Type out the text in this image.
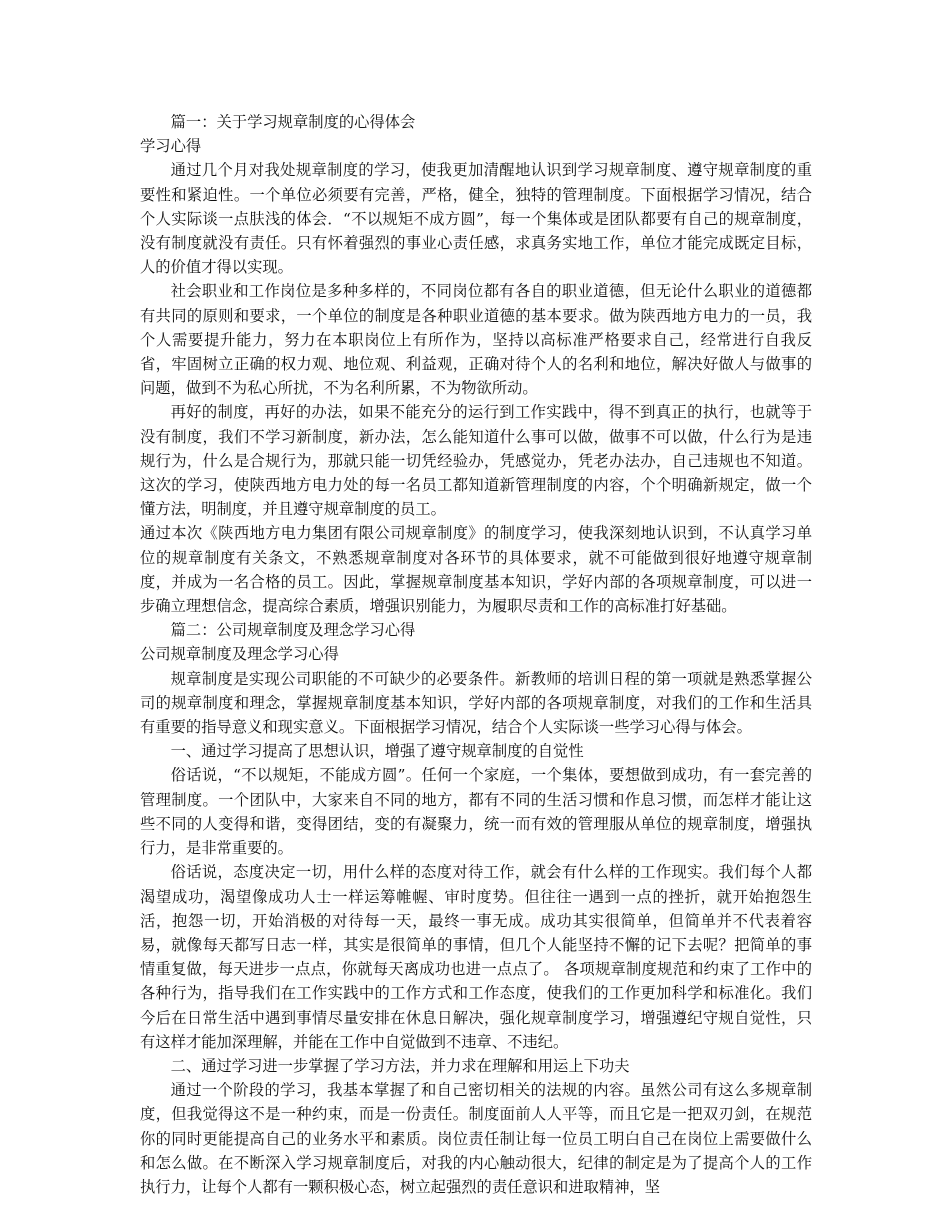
篇一：关于学习规章制度的心得体会

学习心得

通过几个月对我处规章制度的学习，使我更加清醒地认识到学习规章制度、遵守规章制度的重要性和紧迫性。一个单位必须要有完善，严格，健全，独特的管理制度。下面根据学习情况，结合个人实际谈一点肤浅的体会．“不以规矩不成方圆”，每一个集体或是团队都要有自己的规章制度，没有制度就没有责任。只有怀着强烈的事业心责任感，求真务实地工作，单位才能完成既定目标，人的价值才得以实现。

社会职业和工作岗位是多种多样的，不同岗位都有各自的职业道德，但无论什么职业的道德都有共同的原则和要求，一个单位的制度是各种职业道德的基本要求。做为陕西地方电力的一员，我个人需要提升能力，努力在本职岗位上有所作为，坚持以高标准严格要求自己，经常进行自我反省，牢固树立正确的权力观、地位观、利益观，正确对待个人的名利和地位，解决好做人与做事的问题，做到不为私心所扰，不为名利所累，不为物欲所动。

再好的制度，再好的办法，如果不能充分的运行到工作实践中，得不到真正的执行，也就等于没有制度，我们不学习新制度，新办法，怎么能知道什么事可以做，做事不可以做，什么行为是违规行为，什么是合规行为，那就只能一切凭经验办，凭感觉办，凭老办法办，自己违规也不知道。这次的学习，使陕西地方电力处的每一名员工都知道新管理制度的内容，个个明确新规定，做一个懂方法，明制度，并且遵守规章制度的员工。

通过本次《陕西地方电力集团有限公司规章制度》的制度学习，使我深刻地认识到，不认真学习单位的规章制度有关条文，不熟悉规章制度对各环节的具体要求，就不可能做到很好地遵守规章制度，并成为一名合格的员工。因此，掌握规章制度基本知识，学好内部的各项规章制度，可以进一步确立理想信念，提高综合素质，增强识别能力，为履职尽责和工作的高标准打好基础。

篇二：公司规章制度及理念学习心得

公司规章制度及理念学习心得

规章制度是实现公司职能的不可缺少的必要条件。新教师的培训日程的第一项就是熟悉掌握公司的规章制度和理念，掌握规章制度基本知识，学好内部的各项规章制度，对我们的工作和生活具有重要的指导意义和现实意义。下面根据学习情况，结合个人实际谈一些学习心得与体会。

一、通过学习提高了思想认识，增强了遵守规章制度的自觉性

俗话说，“不以规矩，不能成方圆”。任何一个家庭，一个集体，要想做到成功，有一套完善的管理制度。一个团队中，大家来自不同的地方，都有不同的生活习惯和作息习惯，而怎样才能让这些不同的人变得和谐，变得团结，变的有凝聚力，统一而有效的管理服从单位的规章制度，增强执行力，是非常重要的。

俗话说，态度决定一切，用什么样的态度对待工作，就会有什么样的工作现实。我们每个人都渴望成功，渴望像成功人士一样运筹帷幄、审时度势。但往往一遇到一点的挫折，就开始抱怨生活，抱怨一切，开始消极的对待每一天，最终一事无成。成功其实很简单，但简单并不代表着容易，就像每天都写日志一样，其实是很简单的事情，但几个人能坚持不懈的记下去呢？把简单的事情重复做，每天进步一点点，你就每天离成功也进一点点了。 各项规章制度规范和约束了工作中的各种行为，指导我们在工作实践中的工作方式和工作态度，使我们的工作更加科学和标准化。我们今后在日常生活中遇到事情尽量安排在休息日解决，强化规章制度学习，增强遵纪守规自觉性，只有这样才能加深理解，并能在工作中自觉做到不违章、不违纪。

二、通过学习进一步掌握了学习方法，并力求在理解和用运上下功夫

通过一个阶段的学习，我基本掌握了和自己密切相关的法规的内容。虽然公司有这么多规章制度，但我觉得这不是一种约束，而是一份责任。制度面前人人平等，而且它是一把双刃剑，在规范你的同时更能提高自己的业务水平和素质。岗位责任制让每一位员工明白自己在岗位上需要做什么和怎么做。在不断深入学习规章制度后，对我的内心触动很大，纪律的制定是为了提高个人的工作执行力，让每个人都有一颗积极心态，树立起强烈的责任意识和进取精神，坚
